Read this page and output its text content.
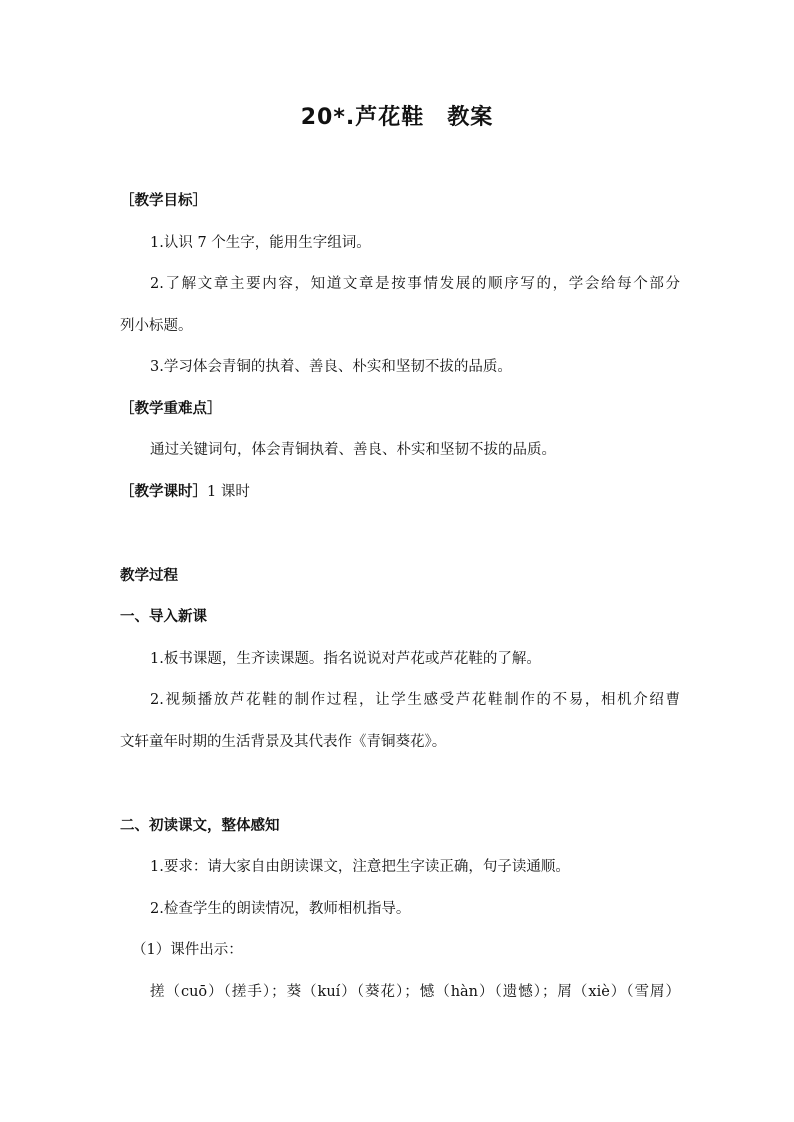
20*.芦花鞋　教案
［教学目标］
1.认识 7 个生字，能用生字组词。
2.了解文章主要内容，知道文章是按事情发展的顺序写的，学会给每个部分
列小标题。
3.学习体会青铜的执着、善良、朴实和坚韧不拔的品质。
［教学重难点］
通过关键词句，体会青铜执着、善良、朴实和坚韧不拔的品质。
［教学课时］1 课时
教学过程
一、导入新课
1.板书课题，生齐读课题。指名说说对芦花或芦花鞋的了解。
2.视频播放芦花鞋的制作过程，让学生感受芦花鞋制作的不易，相机介绍曹
文轩童年时期的生活背景及其代表作《青铜葵花》。
二、初读课文，整体感知
1.要求：请大家自由朗读课文，注意把生字读正确，句子读通顺。
2.检查学生的朗读情况，教师相机指导。
（1）课件出示：
搓（cuō）（搓手）；葵（kuí）（葵花）；憾（hàn）（遗憾）；屑（xiè）（雪屑）
